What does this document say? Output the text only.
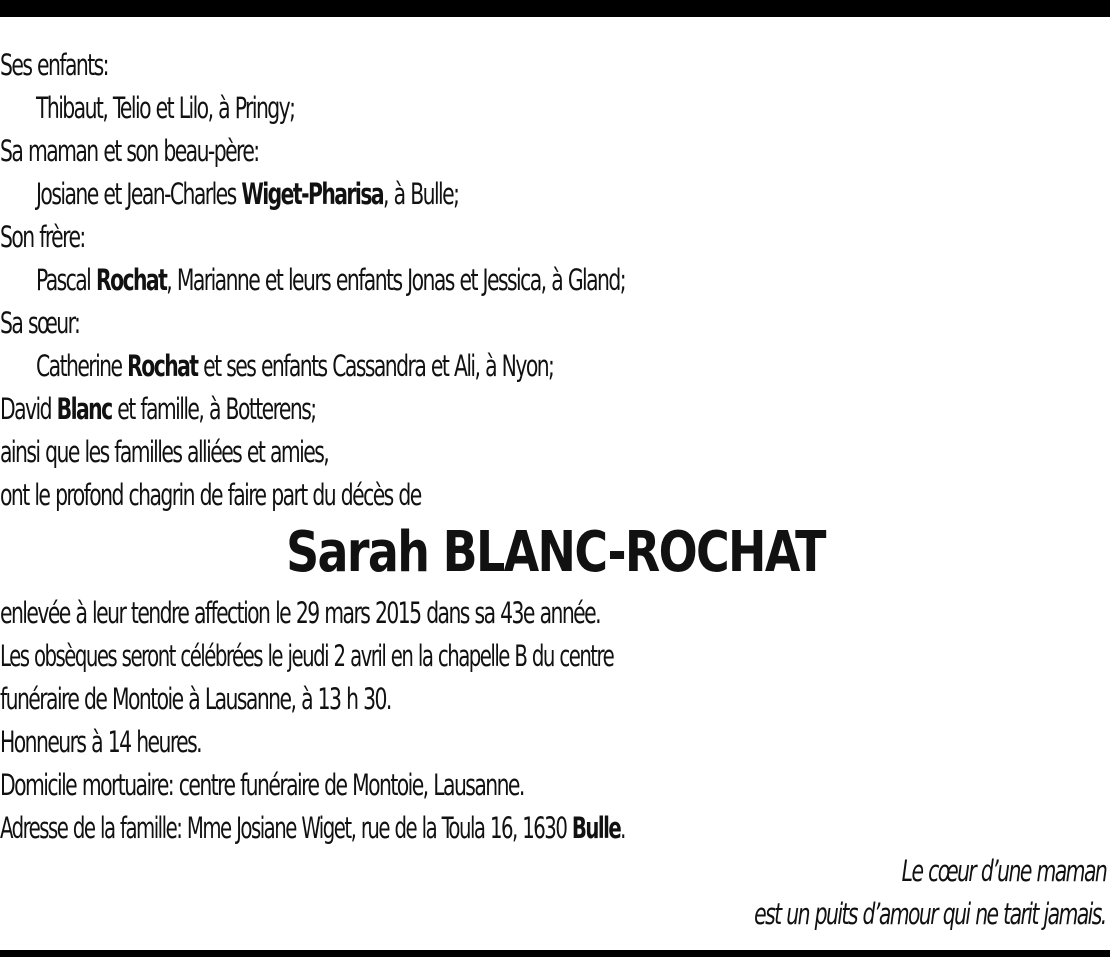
Ses enfants:
Thibaut, Telio et Lilo, à Pringy;
Sa maman et son beau-père:
Josiane et Jean-Charles Wiget-Pharisa, à Bulle;
Son frère:
Pascal Rochat, Marianne et leurs enfants Jonas et Jessica, à Gland;
Sa sœur:
Catherine Rochat et ses enfants Cassandra et Ali, à Nyon;
David Blanc et famille, à Botterens;
ainsi que les familles alliées et amies,
ont le profond chagrin de faire part du décès de
Sarah BLANC-ROCHAT
enlevée à leur tendre affection le 29 mars 2015 dans sa 43e année.
Les obsèques seront célébrées le jeudi 2 avril en la chapelle B du centre
funéraire de Montoie à Lausanne, à 13 h 30.
Honneurs à 14 heures.
Domicile mortuaire: centre funéraire de Montoie, Lausanne.
Adresse de la famille: Mme Josiane Wiget, rue de la Toula 16, 1630 Bulle.
Le cœur d’une maman
est un puits d’amour qui ne tarit jamais.
